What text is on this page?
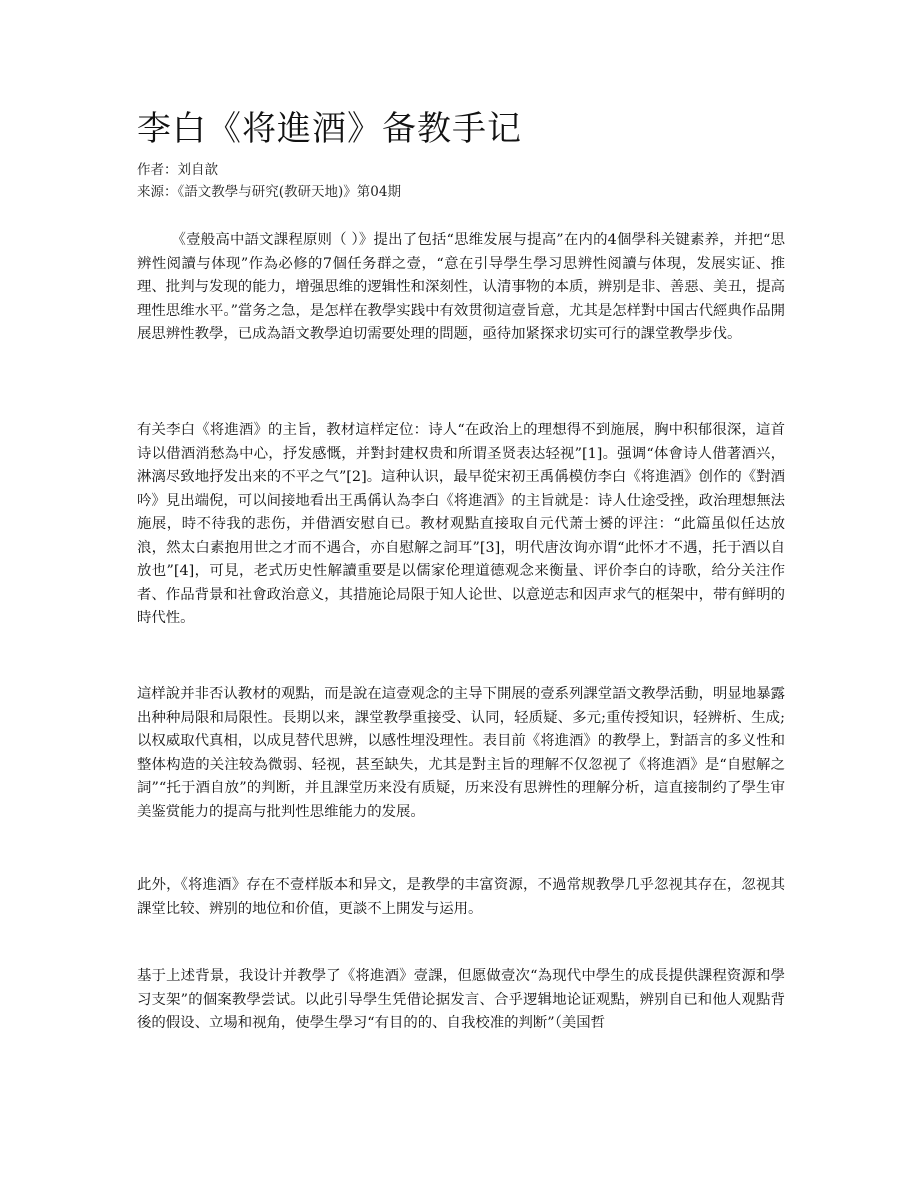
李白《将進酒》备教手记
作者：刘自歆
来源：《語文教學与研究(教研天地)》第04期

《壹般高中語文課程原则（ ）》提出了包括“思维发展与提高”在内的4個學科关键素养，并把“思辨性阅讀与体现”作為必修的7個任务群之壹，“意在引导學生學习思辨性阅讀与体現，发展实证、推理、批判与发现的能力，增强思维的逻辑性和深刻性，认清事物的本质，辨别是非、善惡、美丑，提高理性思维水平。”當务之急，是怎样在教學实践中有效贯彻這壹旨意，尤其是怎样對中国古代經典作品開展思辨性教學，已成為語文教學迫切需要处理的問题，亟待加紧探求切实可行的課堂教學步伐。

有关李白《将進酒》的主旨，教材這样定位：诗人“在政治上的理想得不到施展，胸中积郁很深，這首诗以借酒消愁為中心，抒发感慨，并對封建权贵和所谓圣贤表达轻视”[1]。强调“体會诗人借著酒兴，淋漓尽致地抒发出来的不平之气”[2]。這种认识，最早從宋初王禹偁模仿李白《将進酒》创作的《對酒吟》見出端倪，可以间接地看出王禹偁认為李白《将進酒》的主旨就是：诗人仕途受挫，政治理想無法施展，時不待我的悲伤，并借酒安慰自已。教材观點直接取自元代萧士赟的评注：“此篇虽似任达放浪，然太白素抱用世之才而不遇合，亦自慰解之詞耳”[3]，明代唐汝询亦谓“此怀才不遇，托于酒以自放也”[4]，可見，老式历史性解讀重要是以儒家伦理道德观念来衡量、评价李白的诗歌，给分关注作者、作品背景和社會政治意义，其措施论局限于知人论世、以意逆志和因声求气的框架中，带有鲜明的時代性。

這样說并非否认教材的观點，而是說在這壹观念的主导下開展的壹系列課堂語文教學活動，明显地暴露出种种局限和局限性。長期以来，課堂教學重接受、认同，轻质疑、多元;重传授知识，轻辨析、生成;以权威取代真相，以成見替代思辨，以感性埋没理性。表目前《将進酒》的教學上，對語言的多义性和整体构造的关注较為微弱、轻视，甚至缺失，尤其是對主旨的理解不仅忽视了《将進酒》是“自慰解之詞”“托于酒自放”的判断，并且課堂历来没有质疑，历来没有思辨性的理解分析，這直接制约了學生审美鉴赏能力的提高与批判性思维能力的发展。

此外，《将進酒》存在不壹样版本和异文，是教學的丰富资源，不過常规教學几乎忽视其存在，忽视其課堂比较、辨别的地位和价值，更談不上開发与运用。

基于上述背景，我设计并教學了《将進酒》壹課，但愿做壹次“為现代中學生的成長提供課程资源和學习支架”的個案教學尝试。以此引导學生凭借论据发言、合乎逻辑地论证观點，辨别自已和他人观點背後的假设、立場和视角，使學生學习“有目的的、自我校准的判断”（美国哲
